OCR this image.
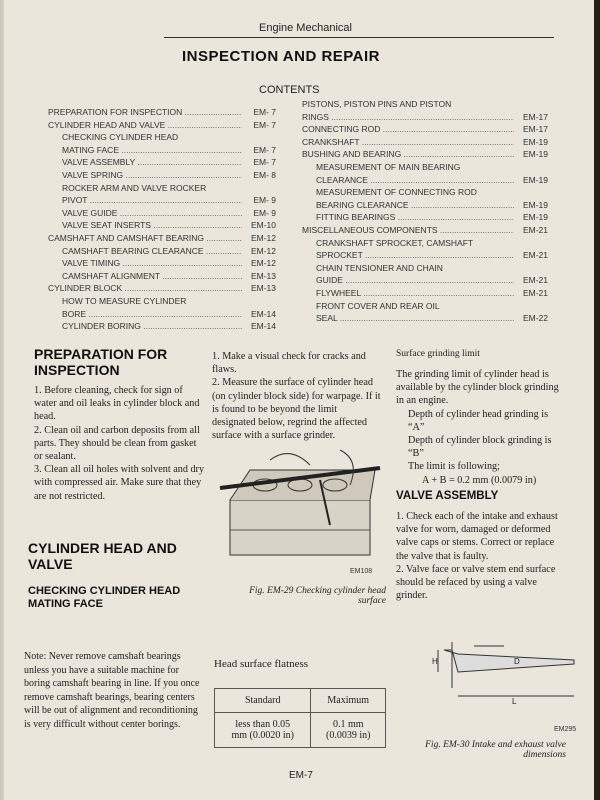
Engine Mechanical
INSPECTION AND REPAIR
CONTENTS
PREPARATION FOR INSPECTION .....	EM- 7
CYLINDER HEAD AND VALVE .....	EM- 7
CHECKING CYLINDER HEAD
MATING FACE .....	EM- 7
VALVE ASSEMBLY .....	EM- 7
VALVE SPRING .....	EM- 8
ROCKER ARM AND VALVE ROCKER
PIVOT .....	EM- 9
VALVE GUIDE .....	EM- 9
VALVE SEAT INSERTS .....	EM-10
CAMSHAFT AND CAMSHAFT BEARING .....	EM-12
CAMSHAFT BEARING CLEARANCE .....	EM-12
VALVE TIMING .....	EM-12
CAMSHAFT ALIGNMENT .....	EM-13
CYLINDER BLOCK .....	EM-13
HOW TO MEASURE CYLINDER
BORE .....	EM-14
CYLINDER BORING .....	EM-14
PISTONS, PISTON PINS AND PISTON
RINGS .....	EM-17
CONNECTING ROD .....	EM-17
CRANKSHAFT .....	EM-19
BUSHING AND BEARING .....	EM-19
MEASUREMENT OF MAIN BEARING
CLEARANCE .....	EM-19
MEASUREMENT OF CONNECTING ROD
BEARING CLEARANCE .....	EM-19
FITTING BEARINGS .....	EM-19
MISCELLANEOUS COMPONENTS .....	EM-21
CRANKSHAFT SPROCKET, CAMSHAFT
SPROCKET .....	EM-21
CHAIN TENSIONER AND CHAIN
GUIDE .....	EM-21
FLYWHEEL .....	EM-21
FRONT COVER AND REAR OIL
SEAL .....	EM-22
PREPARATION FOR INSPECTION

1. Before cleaning, check for sign of water and oil leaks in cylinder block and head.

2. Clean oil and carbon deposits from all parts. They should be clean from gasket or sealant.

3. Clean all oil holes with solvent and dry with compressed air. Make sure that they are not restricted.

CYLINDER HEAD AND VALVE
CHECKING CYLINDER HEAD MATING FACE
Note: Never remove camshaft bearings unless you have a suitable machine for boring camshaft bearing in line. If you once remove camshaft bearings, bearing centers will be out of alignment and reconditioning is very difficult without center borings.

1. Make a visual check for cracks and flaws.

2. Measure the surface of cylinder head (on cylinder block side) for warpage. If it is found to be beyond the limit designated below, regrind the affected surface with a surface grinder.

EM108
Fig. EM-29 Checking cylinder head surface
Head surface flatness
Standard	Maximum
less than 0.05
mm (0.0020 in)	0.1 mm
(0.0039 in)
Surface grinding limit

The grinding limit of cylinder head is available by the cylinder block grinding in an engine.

Depth of cylinder head grinding is “A”

Depth of cylinder block grinding is “B”

The limit is following;

A + B = 0.2 mm (0.0079 in)

VALVE ASSEMBLY

1. Check each of the intake and exhaust valve for worn, damaged or deformed valve caps or stems. Correct or replace the valve that is faulty.

2. Valve face or valve stem end surface should be refaced by using a valve grinder.

H	D
L
EM295
Fig. EM-30 Intake and exhaust valve dimensions
EM-7
